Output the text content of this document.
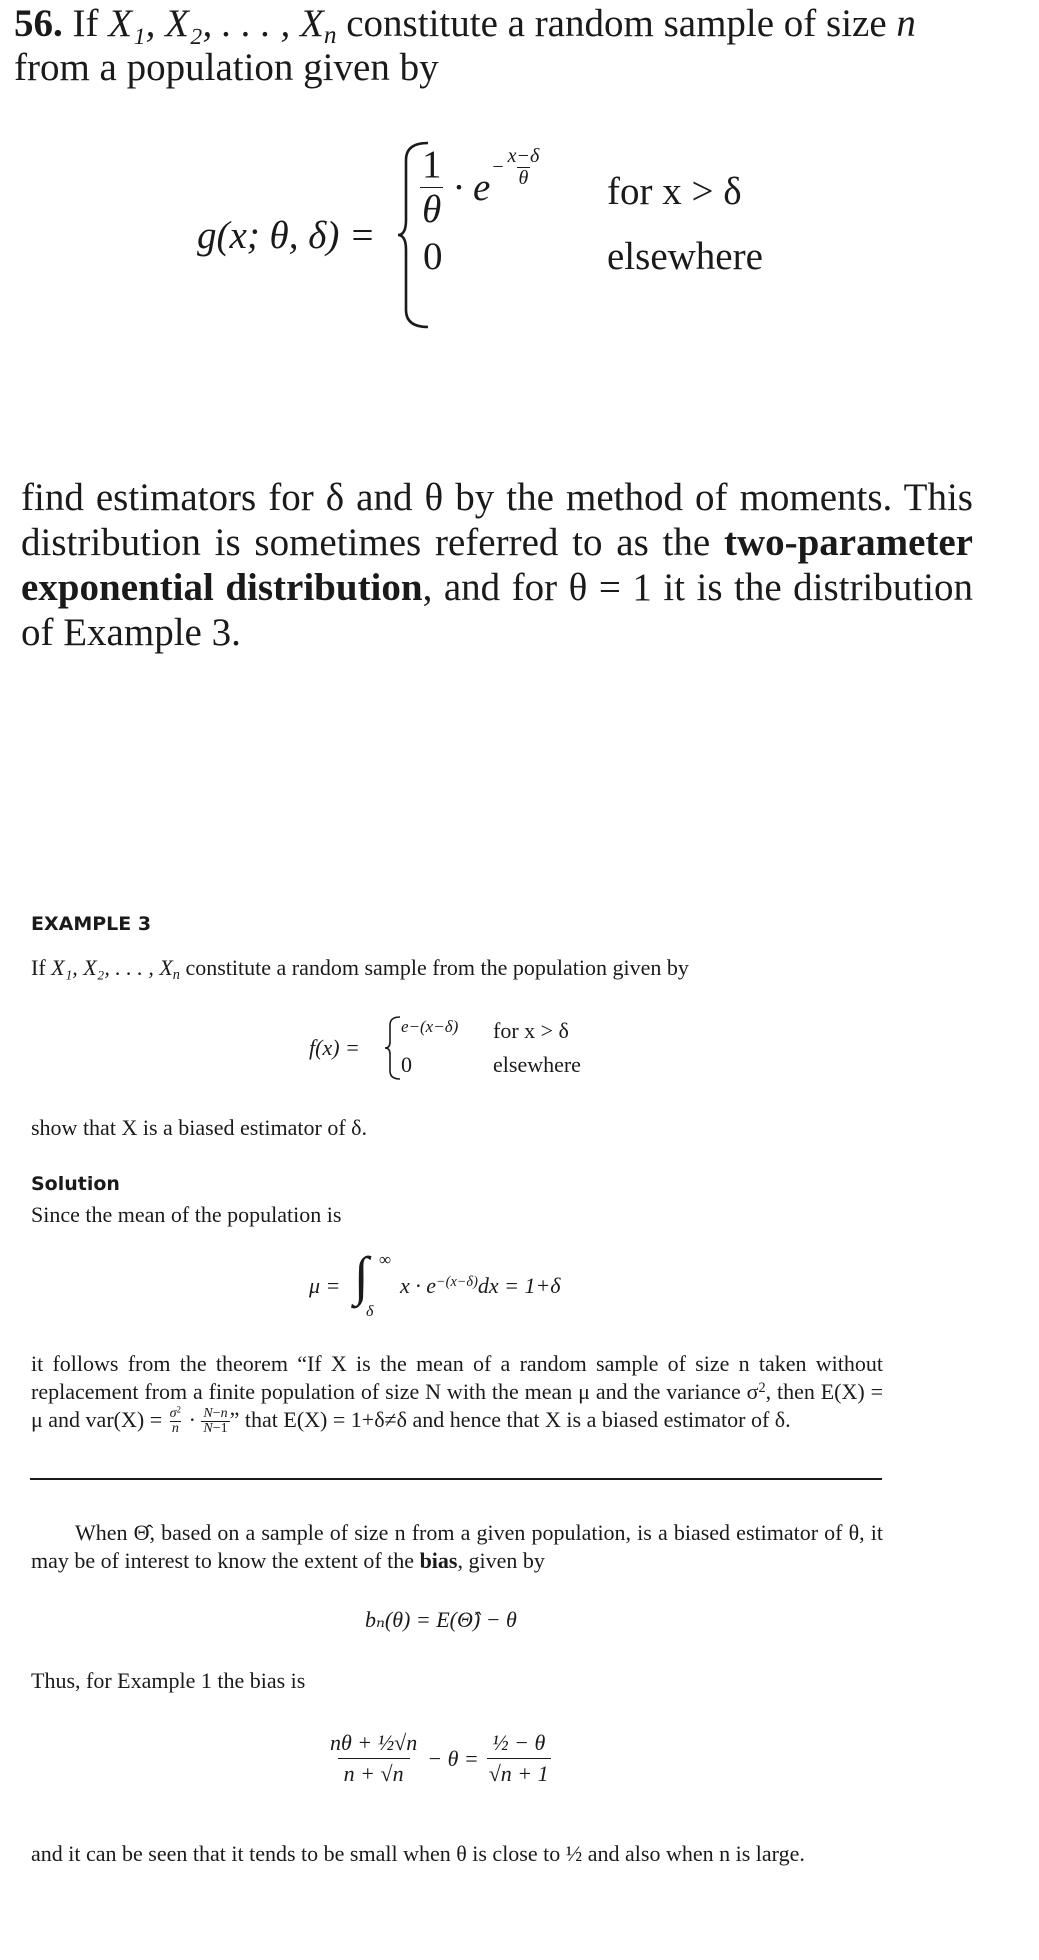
56. If X₁, X₂, . . . , $X_n$ constitute a random sample of size n
from a population given by
g(x; θ, δ) =
$\frac{1}{\theta} \cdot e - \frac{x-\delta}{\theta}$
for x > δ
0	elsewhere
find estimators for δ and θ by the method of moments. This distribution is sometimes referred to as the two-parameter exponential distribution, and for θ = 1 it is the distribution of Example 3.
EXAMPLE 3
If X₁, X₂, . . . , $X_n$ constitute a random sample from the population given by
f(x) =
e−(x−δ) for x > δ
0	elsewhere
show that X is a biased estimator of δ.
Solution
Since the mean of the population is
μ = ∫ ∞
δ
$x \cdot e^{-(x-\delta)}dx = 1+\delta$
it follows from the theorem “If X is the mean of a random sample of size n taken without replacement from a finite population of size N with the mean μ and the variance $\sigma^2$, then E(X) = μ and $var(X) = \frac{\sigma^2}{n} \cdot \frac{N-n}{N-1}$ ” that E(X) = 1+δ≠δ and hence that X is a biased estimator of δ.
When Θ̂, based on a sample of size n from a given population, is a biased estimator of θ, it may be of interest to know the extent of the bias, given by
bₙ(θ) = E(Θ̂) − θ
Thus, for Example 1 the bias is
$\frac{\text{nθ + ½√n}}{n + √n} - \theta = \frac{\text{½ − θ}}{√n + 1}$
and it can be seen that it tends to be small when θ is close to ½ and also when n is large.
